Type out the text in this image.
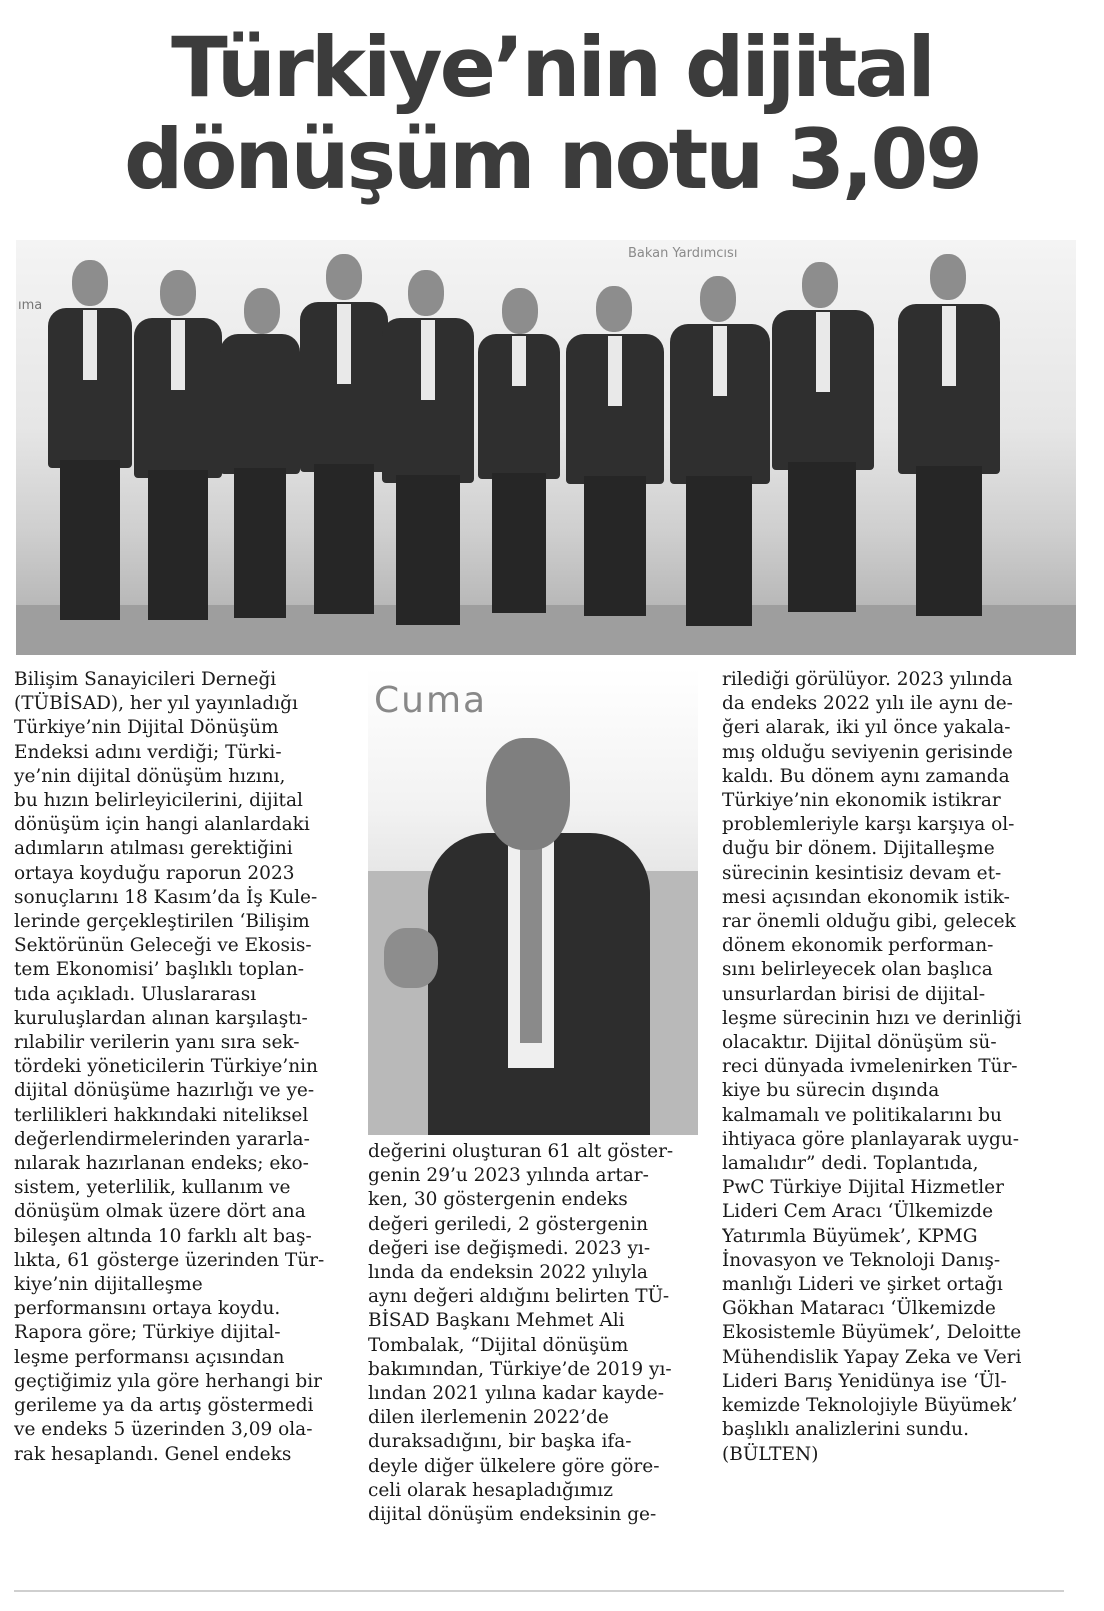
Türkiye’nin dijital
dönüşüm notu 3,09
Bakan Yardımcısı
ıma
Cuma
Bilişim Sanayicileri Derneği
(TÜBİSAD), her yıl yayınladığı
Türkiye’nin Dijital Dönüşüm
Endeksi adını verdiği; Türki-
ye’nin dijital dönüşüm hızını,
bu hızın belirleyicilerini, dijital
dönüşüm için hangi alanlardaki
adımların atılması gerektiğini
ortaya koyduğu raporun 2023
sonuçlarını 18 Kasım’da İş Kule-
lerinde gerçekleştirilen ‘Bilişim
Sektörünün Geleceği ve Ekosis-
tem Ekonomisi’ başlıklı toplan-
tıda açıkladı. Uluslararası
kuruluşlardan alınan karşılaştı-
rılabilir verilerin yanı sıra sek-
tördeki yöneticilerin Türkiye’nin
dijital dönüşüme hazırlığı ve ye-
terlilikleri hakkındaki niteliksel
değerlendirmelerinden yararla-
nılarak hazırlanan endeks; eko-
sistem, yeterlilik, kullanım ve
dönüşüm olmak üzere dört ana
bileşen altında 10 farklı alt baş-
lıkta, 61 gösterge üzerinden Tür-
kiye’nin dijitalleşme
performansını ortaya koydu.
Rapora göre; Türkiye dijital-
leşme performansı açısından
geçtiğimiz yıla göre herhangi bir
gerileme ya da artış göstermedi
ve endeks 5 üzerinden 3,09 ola-
rak hesaplandı. Genel endeks
değerini oluşturan 61 alt göster-
genin 29’u 2023 yılında artar-
ken, 30 göstergenin endeks
değeri geriledi, 2 göstergenin
değeri ise değişmedi. 2023 yı-
lında da endeksin 2022 yılıyla
aynı değeri aldığını belirten TÜ-
BİSAD Başkanı Mehmet Ali
Tombalak, “Dijital dönüşüm
bakımından, Türkiye’de 2019 yı-
lından 2021 yılına kadar kayde-
dilen ilerlemenin 2022’de
duraksadığını, bir başka ifa-
deyle diğer ülkelere göre göre-
celi olarak hesapladığımız
dijital dönüşüm endeksinin ge-
rilediği görülüyor. 2023 yılında
da endeks 2022 yılı ile aynı de-
ğeri alarak, iki yıl önce yakala-
mış olduğu seviyenin gerisinde
kaldı. Bu dönem aynı zamanda
Türkiye’nin ekonomik istikrar
problemleriyle karşı karşıya ol-
duğu bir dönem. Dijitalleşme
sürecinin kesintisiz devam et-
mesi açısından ekonomik istik-
rar önemli olduğu gibi, gelecek
dönem ekonomik performan-
sını belirleyecek olan başlıca
unsurlardan birisi de dijital-
leşme sürecinin hızı ve derinliği
olacaktır. Dijital dönüşüm sü-
reci dünyada ivmelenirken Tür-
kiye bu sürecin dışında
kalmamalı ve politikalarını bu
ihtiyaca göre planlayarak uygu-
lamalıdır” dedi. Toplantıda,
PwC Türkiye Dijital Hizmetler
Lideri Cem Aracı ‘Ülkemizde
Yatırımla Büyümek’, KPMG
İnovasyon ve Teknoloji Danış-
manlığı Lideri ve şirket ortağı
Gökhan Mataracı ‘Ülkemizde
Ekosistemle Büyümek’, Deloitte
Mühendislik Yapay Zeka ve Veri
Lideri Barış Yenidünya ise ‘Ül-
kemizde Teknolojiyle Büyümek’
başlıklı analizlerini sundu.
(BÜLTEN)
